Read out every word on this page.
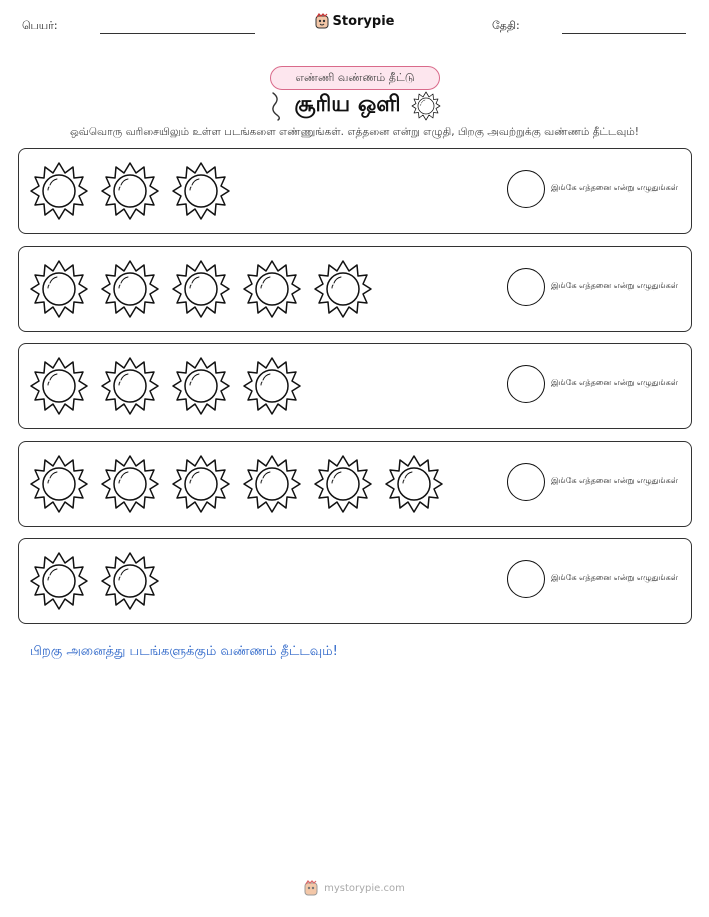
பெயர்:	Storypie	தேதி:
எண்ணி வண்ணம் தீட்டு
சூரிய ஒளி
ஒவ்வொரு வரிசையிலும் உள்ள படங்களை எண்ணுங்கள். எத்தனை என்று எழுதி, பிறகு அவற்றுக்கு வண்ணம் தீட்டவும்!
இங்கே எத்தனை என்று எழுதுங்கள்
இங்கே எத்தனை என்று எழுதுங்கள்
இங்கே எத்தனை என்று எழுதுங்கள்
இங்கே எத்தனை என்று எழுதுங்கள்
இங்கே எத்தனை என்று எழுதுங்கள்
பிறகு அனைத்து படங்களுக்கும் வண்ணம் தீட்டவும்!
mystorypie.com
